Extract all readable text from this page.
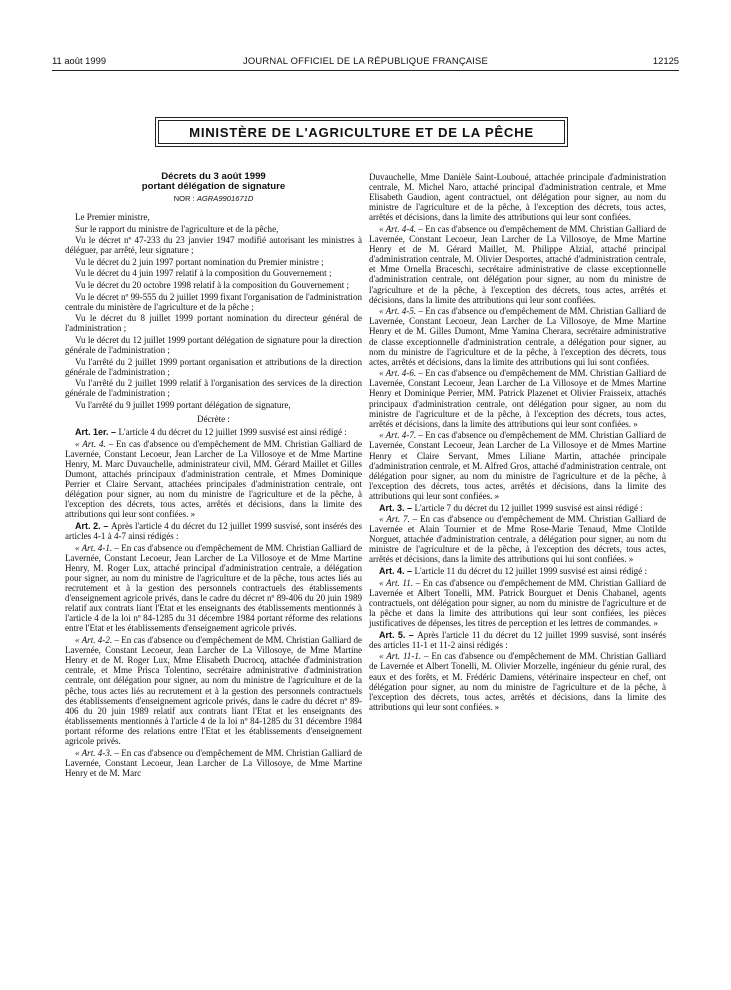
11 août 1999	JOURNAL OFFICIEL DE LA RÉPUBLIQUE FRANÇAISE	12125
MINISTÈRE DE L'AGRICULTURE ET DE LA PÊCHE
Décrets du 3 août 1999
portant délégation de signature
NOR : AGRA9901671D

Le Premier ministre,

Sur le rapport du ministre de l'agriculture et de la pêche,

Vu le décret nº 47-233 du 23 janvier 1947 modifié autorisant les ministres à déléguer, par arrêté, leur signature ;

Vu le décret du 2 juin 1997 portant nomination du Premier ministre ;

Vu le décret du 4 juin 1997 relatif à la composition du Gouvernement ;

Vu le décret du 20 octobre 1998 relatif à la composition du Gouvernement ;

Vu le décret nº 99-555 du 2 juillet 1999 fixant l'organisation de l'administration centrale du ministère de l'agriculture et de la pêche ;

Vu le décret du 8 juillet 1999 portant nomination du directeur général de l'administration ;

Vu le décret du 12 juillet 1999 portant délégation de signature pour la direction générale de l'administration ;

Vu l'arrêté du 2 juillet 1999 portant organisation et attributions de la direction générale de l'administration ;

Vu l'arrêté du 2 juillet 1999 relatif à l'organisation des services de la direction générale de l'administration ;

Vu l'arrêté du 9 juillet 1999 portant délégation de signature,

Décrète :

Art. 1er. – L'article 4 du décret du 12 juillet 1999 susvisé est ainsi rédigé :

« Art. 4. – En cas d'absence ou d'empêchement de MM. Christian Galliard de Lavernée, Constant Lecoeur, Jean Larcher de La Villosoye et de Mme Martine Henry, M. Marc Duvauchelle, administrateur civil, MM. Gérard Maillet et Gilles Dumont, attachés principaux d'administration centrale, et Mmes Dominique Perrier et Claire Servant, attachées principales d'administration centrale, ont délégation pour signer, au nom du ministre de l'agriculture et de la pêche, à l'exception des décrets, tous actes, arrêtés et décisions, dans la limite des attributions qui leur sont confiées. »

Art. 2. – Après l'article 4 du décret du 12 juillet 1999 susvisé, sont insérés des articles 4-1 à 4-7 ainsi rédigés :

« Art. 4-1. – En cas d'absence ou d'empêchement de MM. Christian Galliard de Lavernée, Constant Lecoeur, Jean Larcher de La Villosoye et de Mme Martine Henry, M. Roger Lux, attaché principal d'administration centrale, a délégation pour signer, au nom du ministre de l'agriculture et de la pêche, tous actes liés au recrutement et à la gestion des personnels contractuels des établissements d'enseignement agricole privés, dans le cadre du décret nº 89-406 du 20 juin 1989 relatif aux contrats liant l'Etat et les enseignants des établissements mentionnés à l'article 4 de la loi nº 84-1285 du 31 décembre 1984 portant réforme des relations entre l'Etat et les établissements d'enseignement agricole privés.

« Art. 4-2. – En cas d'absence ou d'empêchement de MM. Christian Galliard de Lavernée, Constant Lecoeur, Jean Larcher de La Villosoye, de Mme Martine Henry et de M. Roger Lux, Mme Elisabeth Ducrocq, attachée d'administration centrale, et Mme Prisca Tolentino, secrétaire administrative d'administration centrale, ont délégation pour signer, au nom du ministre de l'agriculture et de la pêche, tous actes liés au recrutement et à la gestion des personnels contractuels des établissements d'enseignement agricole privés, dans le cadre du décret nº 89-406 du 20 juin 1989 relatif aux contrats liant l'Etat et les enseignants des établissements mentionnés à l'article 4 de la loi nº 84-1285 du 31 décembre 1984 portant réforme des relations entre l'Etat et les établissements d'enseignement agricole privés.

« Art. 4-3. – En cas d'absence ou d'empêchement de MM. Christian Galliard de Lavernée, Constant Lecoeur, Jean Larcher de La Villosoye, de Mme Martine Henry et de M. Marc

Duvauchelle, Mme Danièle Saint-Louboué, attachée principale d'administration centrale, M. Michel Naro, attaché principal d'administration centrale, et Mme Elisabeth Gaudion, agent contractuel, ont délégation pour signer, au nom du ministre de l'agriculture et de la pêche, à l'exception des décrets, tous actes, arrêtés et décisions, dans la limite des attributions qui leur sont confiées.

« Art. 4-4. – En cas d'absence ou d'empêchement de MM. Christian Galliard de Lavernée, Constant Lecoeur, Jean Larcher de La Villosoye, de Mme Martine Henry et de M. Gérard Maillet, M. Philippe Alzial, attaché principal d'administration centrale, M. Olivier Desportes, attaché d'administration centrale, et Mme Ornella Braceschi, secrétaire administrative de classe exceptionnelle d'administration centrale, ont délégation pour signer, au nom du ministre de l'agriculture et de la pêche, à l'exception des décrets, tous actes, arrêtés et décisions, dans la limite des attributions qui leur sont confiées.

« Art. 4-5. – En cas d'absence ou d'empêchement de MM. Christian Galliard de Lavernée, Constant Lecoeur, Jean Larcher de La Villosoye, de Mme Martine Henry et de M. Gilles Dumont, Mme Yamina Cherara, secrétaire administrative de classe exceptionnelle d'administration centrale, a délégation pour signer, au nom du ministre de l'agriculture et de la pêche, à l'exception des décrets, tous actes, arrêtés et décisions, dans la limite des attributions qui lui sont confiées.

« Art. 4-6. – En cas d'absence ou d'empêchement de MM. Christian Galliard de Lavernée, Constant Lecoeur, Jean Larcher de La Villosoye et de Mmes Martine Henry et Dominique Perrier, MM. Patrick Plazenet et Olivier Fraisseix, attachés principaux d'administration centrale, ont délégation pour signer, au nom du ministre de l'agriculture et de la pêche, à l'exception des décrets, tous actes, arrêtés et décisions, dans la limite des attributions qui leur sont confiées. »

« Art. 4-7. – En cas d'absence ou d'empêchement de MM. Christian Galliard de Lavernée, Constant Lecoeur, Jean Larcher de La Villosoye et de Mmes Martine Henry et Claire Servant, Mmes Liliane Martin, attachée principale d'administration centrale, et M. Alfred Gros, attaché d'administration centrale, ont délégation pour signer, au nom du ministre de l'agriculture et de la pêche, à l'exception des décrets, tous actes, arrêtés et décisions, dans la limite des attributions qui leur sont confiées. »

Art. 3. – L'article 7 du décret du 12 juillet 1999 susvisé est ainsi rédigé :

« Art. 7. – En cas d'absence ou d'empêchement de MM. Christian Galliard de Lavernée et Alain Tournier et de Mme Rose-Marie Tenaud, Mme Clotilde Norguet, attachée d'administration centrale, a délégation pour signer, au nom du ministre de l'agriculture et de la pêche, à l'exception des décrets, tous actes, arrêtés et décisions, dans la limite des attributions qui lui sont confiées. »

Art. 4. – L'article 11 du décret du 12 juillet 1999 susvisé est ainsi rédigé :

« Art. 11. – En cas d'absence ou d'empêchement de MM. Christian Galliard de Lavernée et Albert Tonelli, MM. Patrick Bourguet et Denis Chabanel, agents contractuels, ont délégation pour signer, au nom du ministre de l'agriculture et de la pêche et dans la limite des attributions qui leur sont confiées, les pièces justificatives de dépenses, les titres de perception et les lettres de commandes. »

Art. 5. – Après l'article 11 du décret du 12 juillet 1999 susvisé, sont insérés des articles 11-1 et 11-2 ainsi rédigés :

« Art. 11-1. – En cas d'absence ou d'empêchement de MM. Christian Galliard de Lavernée et Albert Tonelli, M. Olivier Morzelle, ingénieur du génie rural, des eaux et des forêts, et M. Frédéric Damiens, vétérinaire inspecteur en chef, ont délégation pour signer, au nom du ministre de l'agriculture et de la pêche, à l'exception des décrets, tous actes, arrêtés et décisions, dans la limite des attributions qui leur sont confiées. »
